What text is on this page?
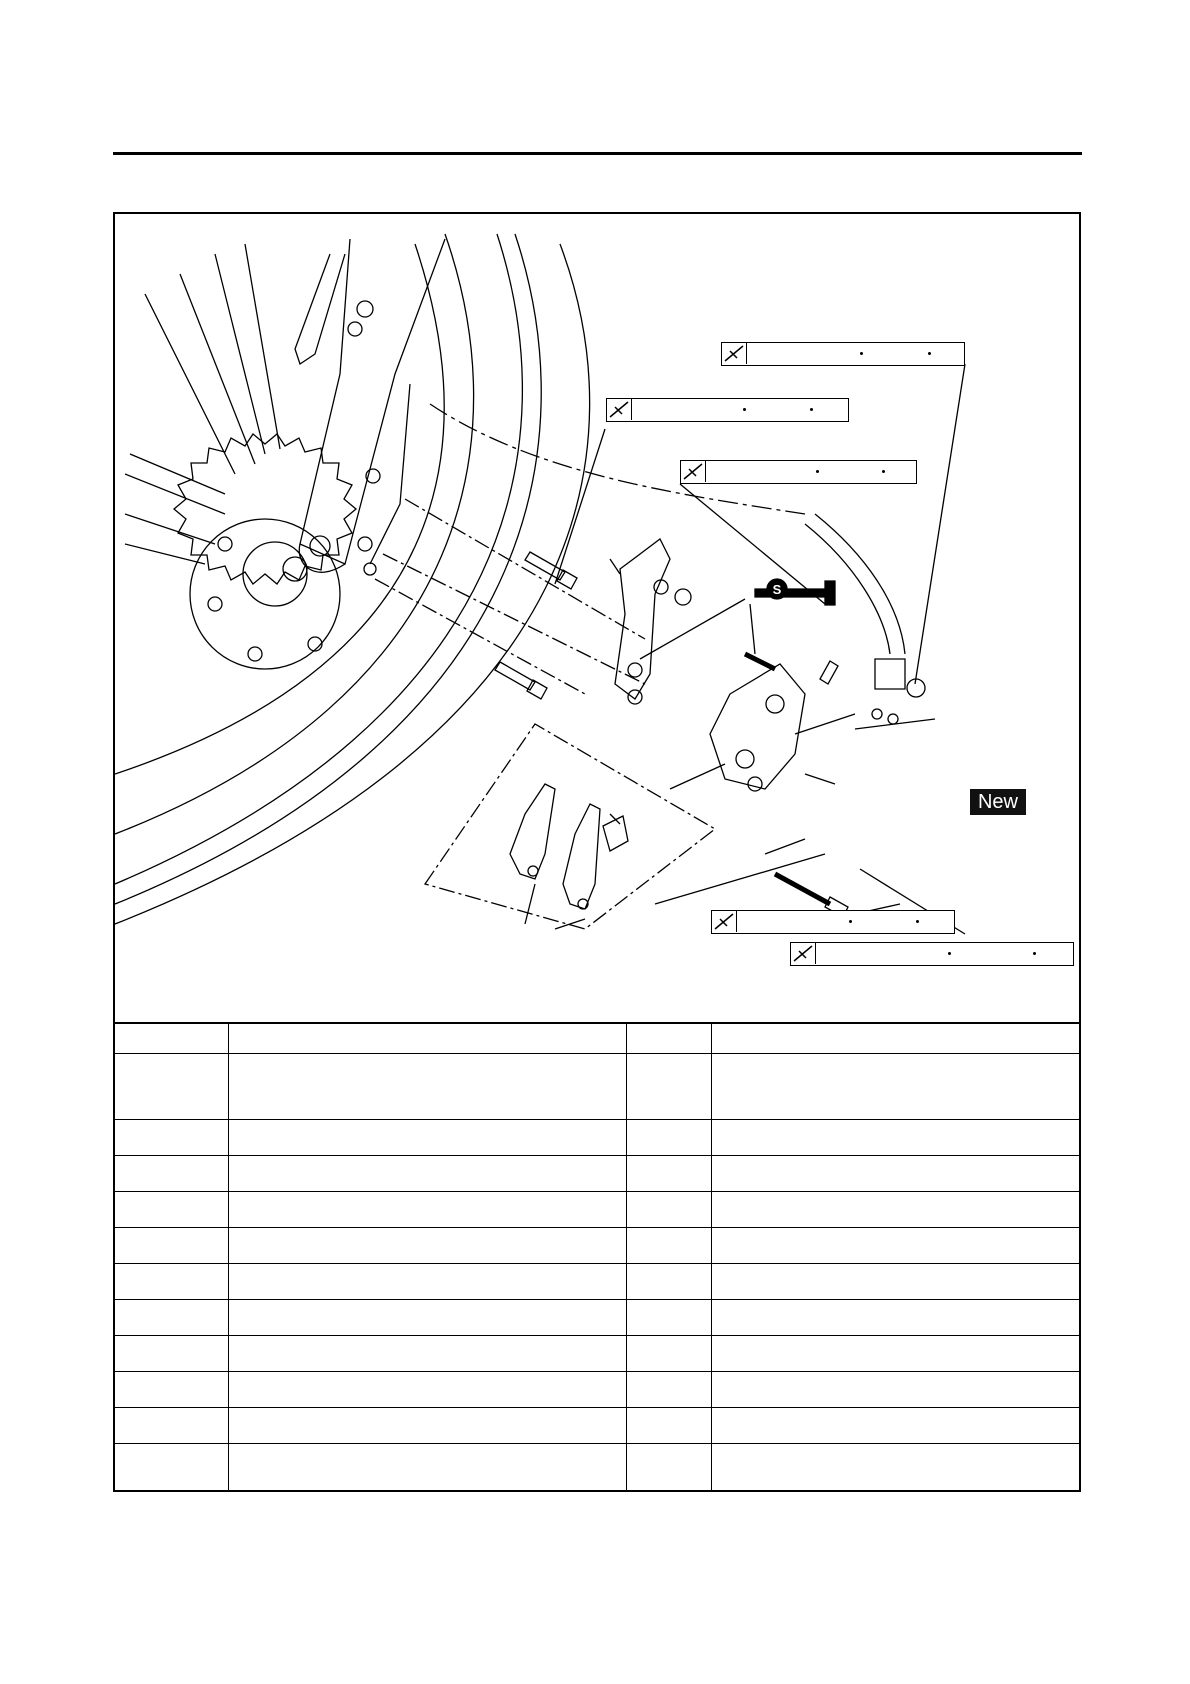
S
New
